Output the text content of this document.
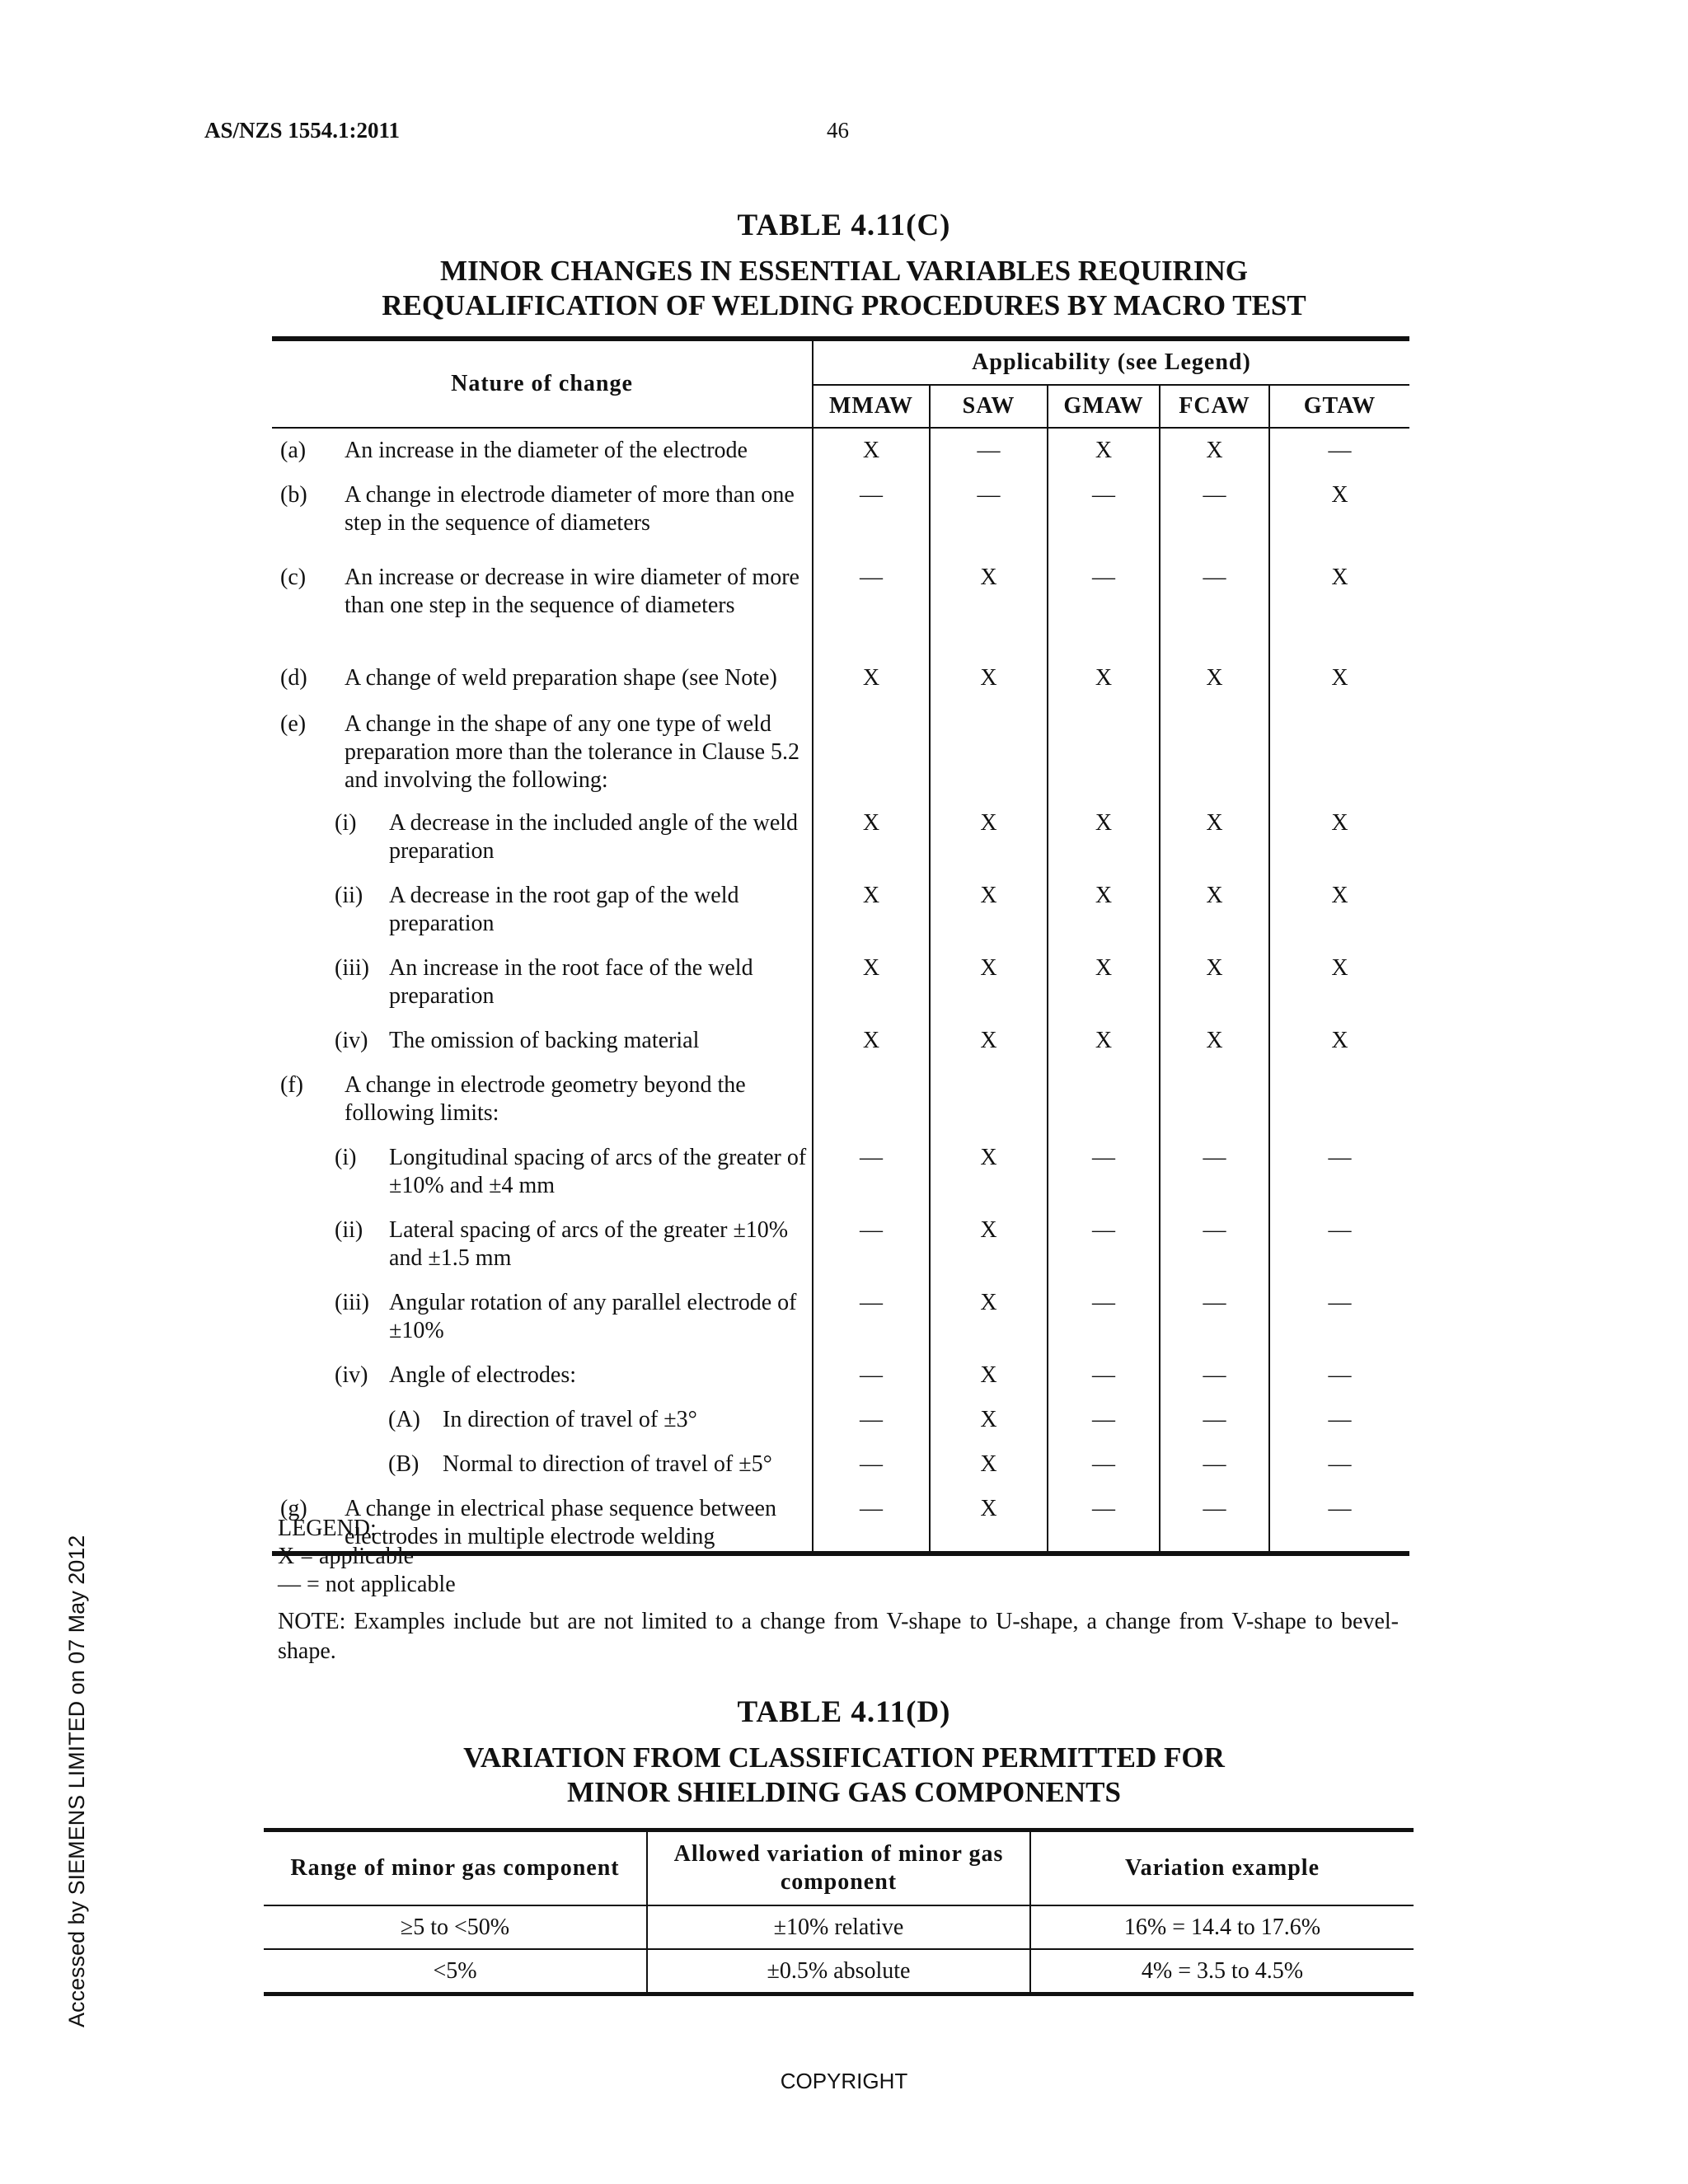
AS/NZS 1554.1:2011	46
Accessed by SIEMENS LIMITED on 07 May 2012
TABLE 4.11(C)
MINOR CHANGES IN ESSENTIAL VARIABLES REQUIRING
REQUALIFICATION OF WELDING PROCEDURES BY MACRO TEST
Nature of change	Applicability (see Legend)				
	MMAW	SAW	GMAW	FCAW	GTAW

(a) An increase in the diameter of the electrode	X	—	X	X	—

(b) A change in electrode diameter of more than one step in the sequence of diameters	—	—	—	—	X

(c) An increase or decrease in wire diameter of more than one step in the sequence of diameters	—	X	—	—	X

(d) A change of weld preparation shape (see Note)	X	X	X	X	X

(e) A change in the shape of any one type of weld preparation more than the tolerance in Clause 5.2 and involving the following:					

(i) A decrease in the included angle of the weld preparation	X	X	X	X	X

(ii) A decrease in the root gap of the weld preparation	X	X	X	X	X

(iii) An increase in the root face of the weld preparation	X	X	X	X	X

(iv) The omission of backing material	X	X	X	X	X

(f) A change in electrode geometry beyond the following limits:					

(i) Longitudinal spacing of arcs of the greater of ±10% and ±4 mm	—	X	—	—	—

(ii) Lateral spacing of arcs of the greater ±10% and ±1.5 mm	—	X	—	—	—

(iii) Angular rotation of any parallel electrode of ±10%	—	X	—	—	—

(iv) Angle of electrodes:	—	X	—	—	—

(A) In direction of travel of ±3°	—	X	—	—	—

(B) Normal to direction of travel of ±5°	—	X	—	—	—

(g) A change in electrical phase sequence between electrodes in multiple electrode welding	—	X	—	—	—
LEGEND:
X = applicable
— = not applicable
NOTE: Examples include but are not limited to a change from V-shape to U-shape, a change from V-shape to bevel-shape.
TABLE 4.11(D)
VARIATION FROM CLASSIFICATION PERMITTED FOR
MINOR SHIELDING GAS COMPONENTS
Range of minor gas component	Allowed variation of minor gas component	Variation example
≥5 to <50%	±10% relative	16% = 14.4 to 17.6%
<5%	±0.5% absolute	4% = 3.5 to 4.5%
COPYRIGHT
